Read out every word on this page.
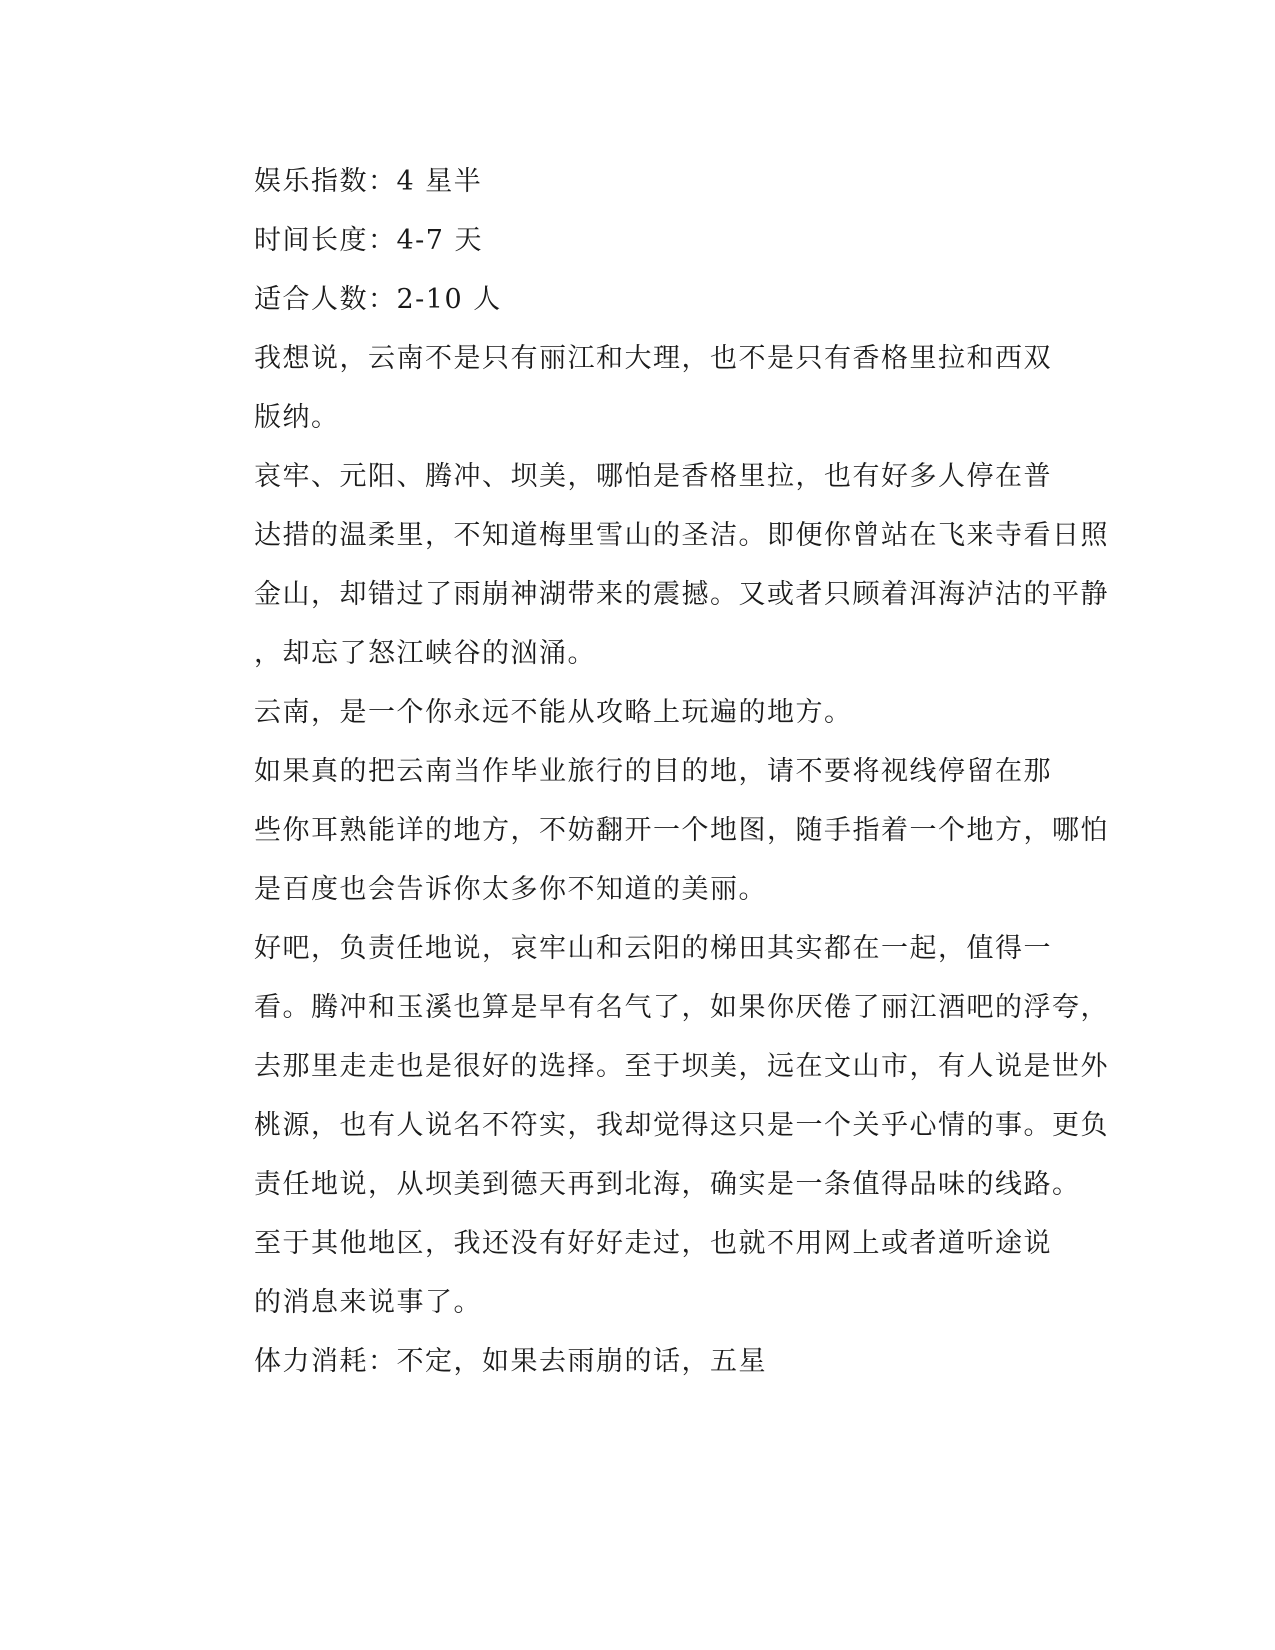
娱乐指数：4 星半

时间长度：4-7 天

适合人数：2-10 人

我想说，云南不是只有丽江和大理，也不是只有香格里拉和西双
版纳。

哀牢、元阳、腾冲、坝美，哪怕是香格里拉，也有好多人停在普
达措的温柔里，不知道梅里雪山的圣洁。即便你曾站在飞来寺看日照
金山，却错过了雨崩神湖带来的震撼。又或者只顾着洱海泸沽的平静
，却忘了怒江峡谷的汹涌。

云南，是一个你永远不能从攻略上玩遍的地方。

如果真的把云南当作毕业旅行的目的地，请不要将视线停留在那
些你耳熟能详的地方，不妨翻开一个地图，随手指着一个地方，哪怕
是百度也会告诉你太多你不知道的美丽。

好吧，负责任地说，哀牢山和云阳的梯田其实都在一起，值得一
看。腾冲和玉溪也算是早有名气了，如果你厌倦了丽江酒吧的浮夸，
去那里走走也是很好的选择。至于坝美，远在文山市，有人说是世外
桃源，也有人说名不符实，我却觉得这只是一个关乎心情的事。更负
责任地说，从坝美到德天再到北海，确实是一条值得品味的线路。

至于其他地区，我还没有好好走过，也就不用网上或者道听途说
的消息来说事了。

体力消耗：不定，如果去雨崩的话，五星
